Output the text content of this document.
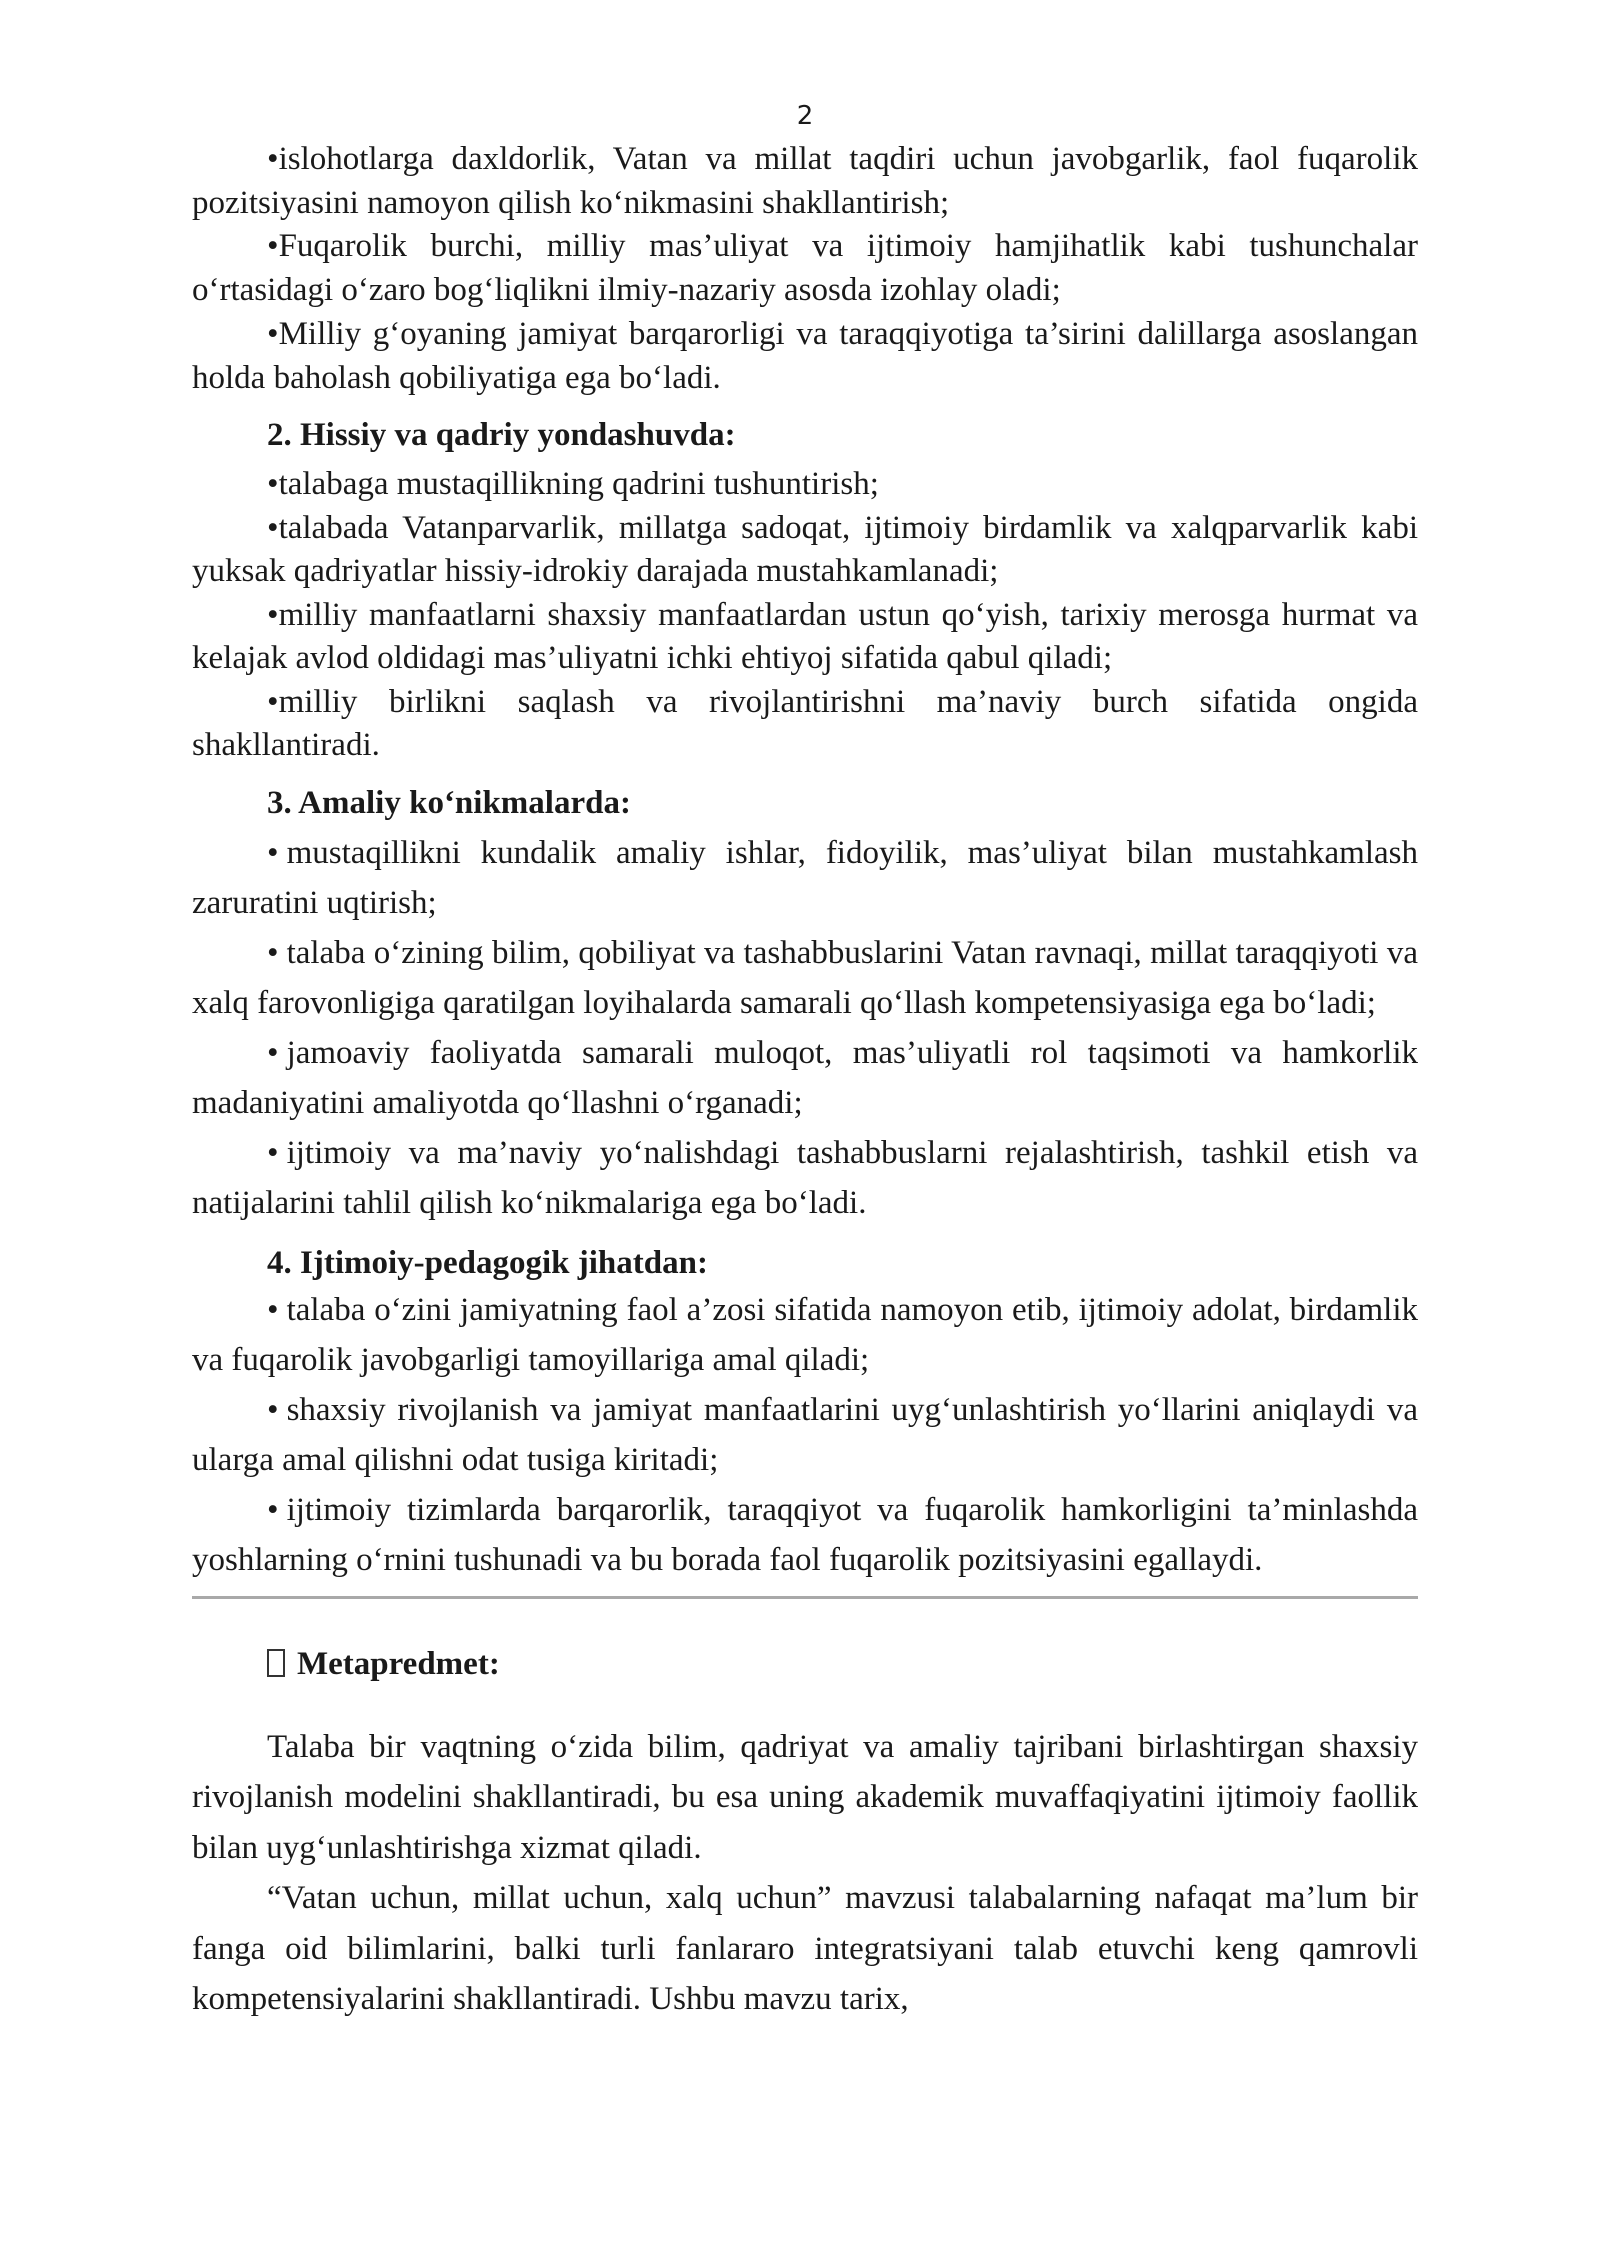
2

•islohotlarga daxldorlik, Vatan va millat taqdiri uchun javobgarlik, faol fuqarolik pozitsiyasini namoyon qilish ko‘nikmasini shakllantirish;

•Fuqarolik burchi, milliy mas’uliyat va ijtimoiy hamjihatlik kabi tushunchalar o‘rtasidagi o‘zaro bog‘liqlikni ilmiy-nazariy asosda izohlay oladi;

•Milliy g‘oyaning jamiyat barqarorligi va taraqqiyotiga ta’sirini dalillarga asoslangan holda baholash qobiliyatiga ega bo‘ladi.

2. Hissiy va qadriy yondashuvda:

•talabaga mustaqillikning qadrini tushuntirish;

•talabada Vatanparvarlik, millatga sadoqat, ijtimoiy birdamlik va xalqparvarlik kabi yuksak qadriyatlar hissiy-idrokiy darajada mustahkamlanadi;

•milliy manfaatlarni shaxsiy manfaatlardan ustun qo‘yish, tarixiy merosga hurmat va kelajak avlod oldidagi mas’uliyatni ichki ehtiyoj sifatida qabul qiladi;

•milliy birlikni saqlash va rivojlantirishni ma’naviy burch sifatida ongida shakllantiradi.

3. Amaliy ko‘nikmalarda:

• mustaqillikni kundalik amaliy ishlar, fidoyilik, mas’uliyat bilan mustahkamlash zaruratini uqtirish;

• talaba o‘zining bilim, qobiliyat va tashabbuslarini Vatan ravnaqi, millat taraqqiyoti va xalq farovonligiga qaratilgan loyihalarda samarali qo‘llash kompetensiyasiga ega bo‘ladi;

• jamoaviy faoliyatda samarali muloqot, mas’uliyatli rol taqsimoti va hamkorlik madaniyatini amaliyotda qo‘llashni o‘rganadi;

• ijtimoiy va ma’naviy yo‘nalishdagi tashabbuslarni rejalashtirish, tashkil etish va natijalarini tahlil qilish ko‘nikmalariga ega bo‘ladi.

4. Ijtimoiy-pedagogik jihatdan:

• talaba o‘zini jamiyatning faol a’zosi sifatida namoyon etib, ijtimoiy adolat, birdamlik va fuqarolik javobgarligi tamoyillariga amal qiladi;

• shaxsiy rivojlanish va jamiyat manfaatlarini uyg‘unlashtirish yo‘llarini aniqlaydi va ularga amal qilishni odat tusiga kiritadi;

• ijtimoiy tizimlarda barqarorlik, taraqqiyot va fuqarolik hamkorligini ta’minlashda yoshlarning o‘rnini tushunadi va bu borada faol fuqarolik pozitsiyasini egallaydi.

Metapredmet:

Talaba bir vaqtning o‘zida bilim, qadriyat va amaliy tajribani birlashtirgan shaxsiy rivojlanish modelini shakllantiradi, bu esa uning akademik muvaffaqiyatini ijtimoiy faollik bilan uyg‘unlashtirishga xizmat qiladi.

“Vatan uchun, millat uchun, xalq uchun” mavzusi talabalarning nafaqat ma’lum bir fanga oid bilimlarini, balki turli fanlararo integratsiyani talab etuvchi keng qamrovli kompetensiyalarini shakllantiradi. Ushbu mavzu tarix,
